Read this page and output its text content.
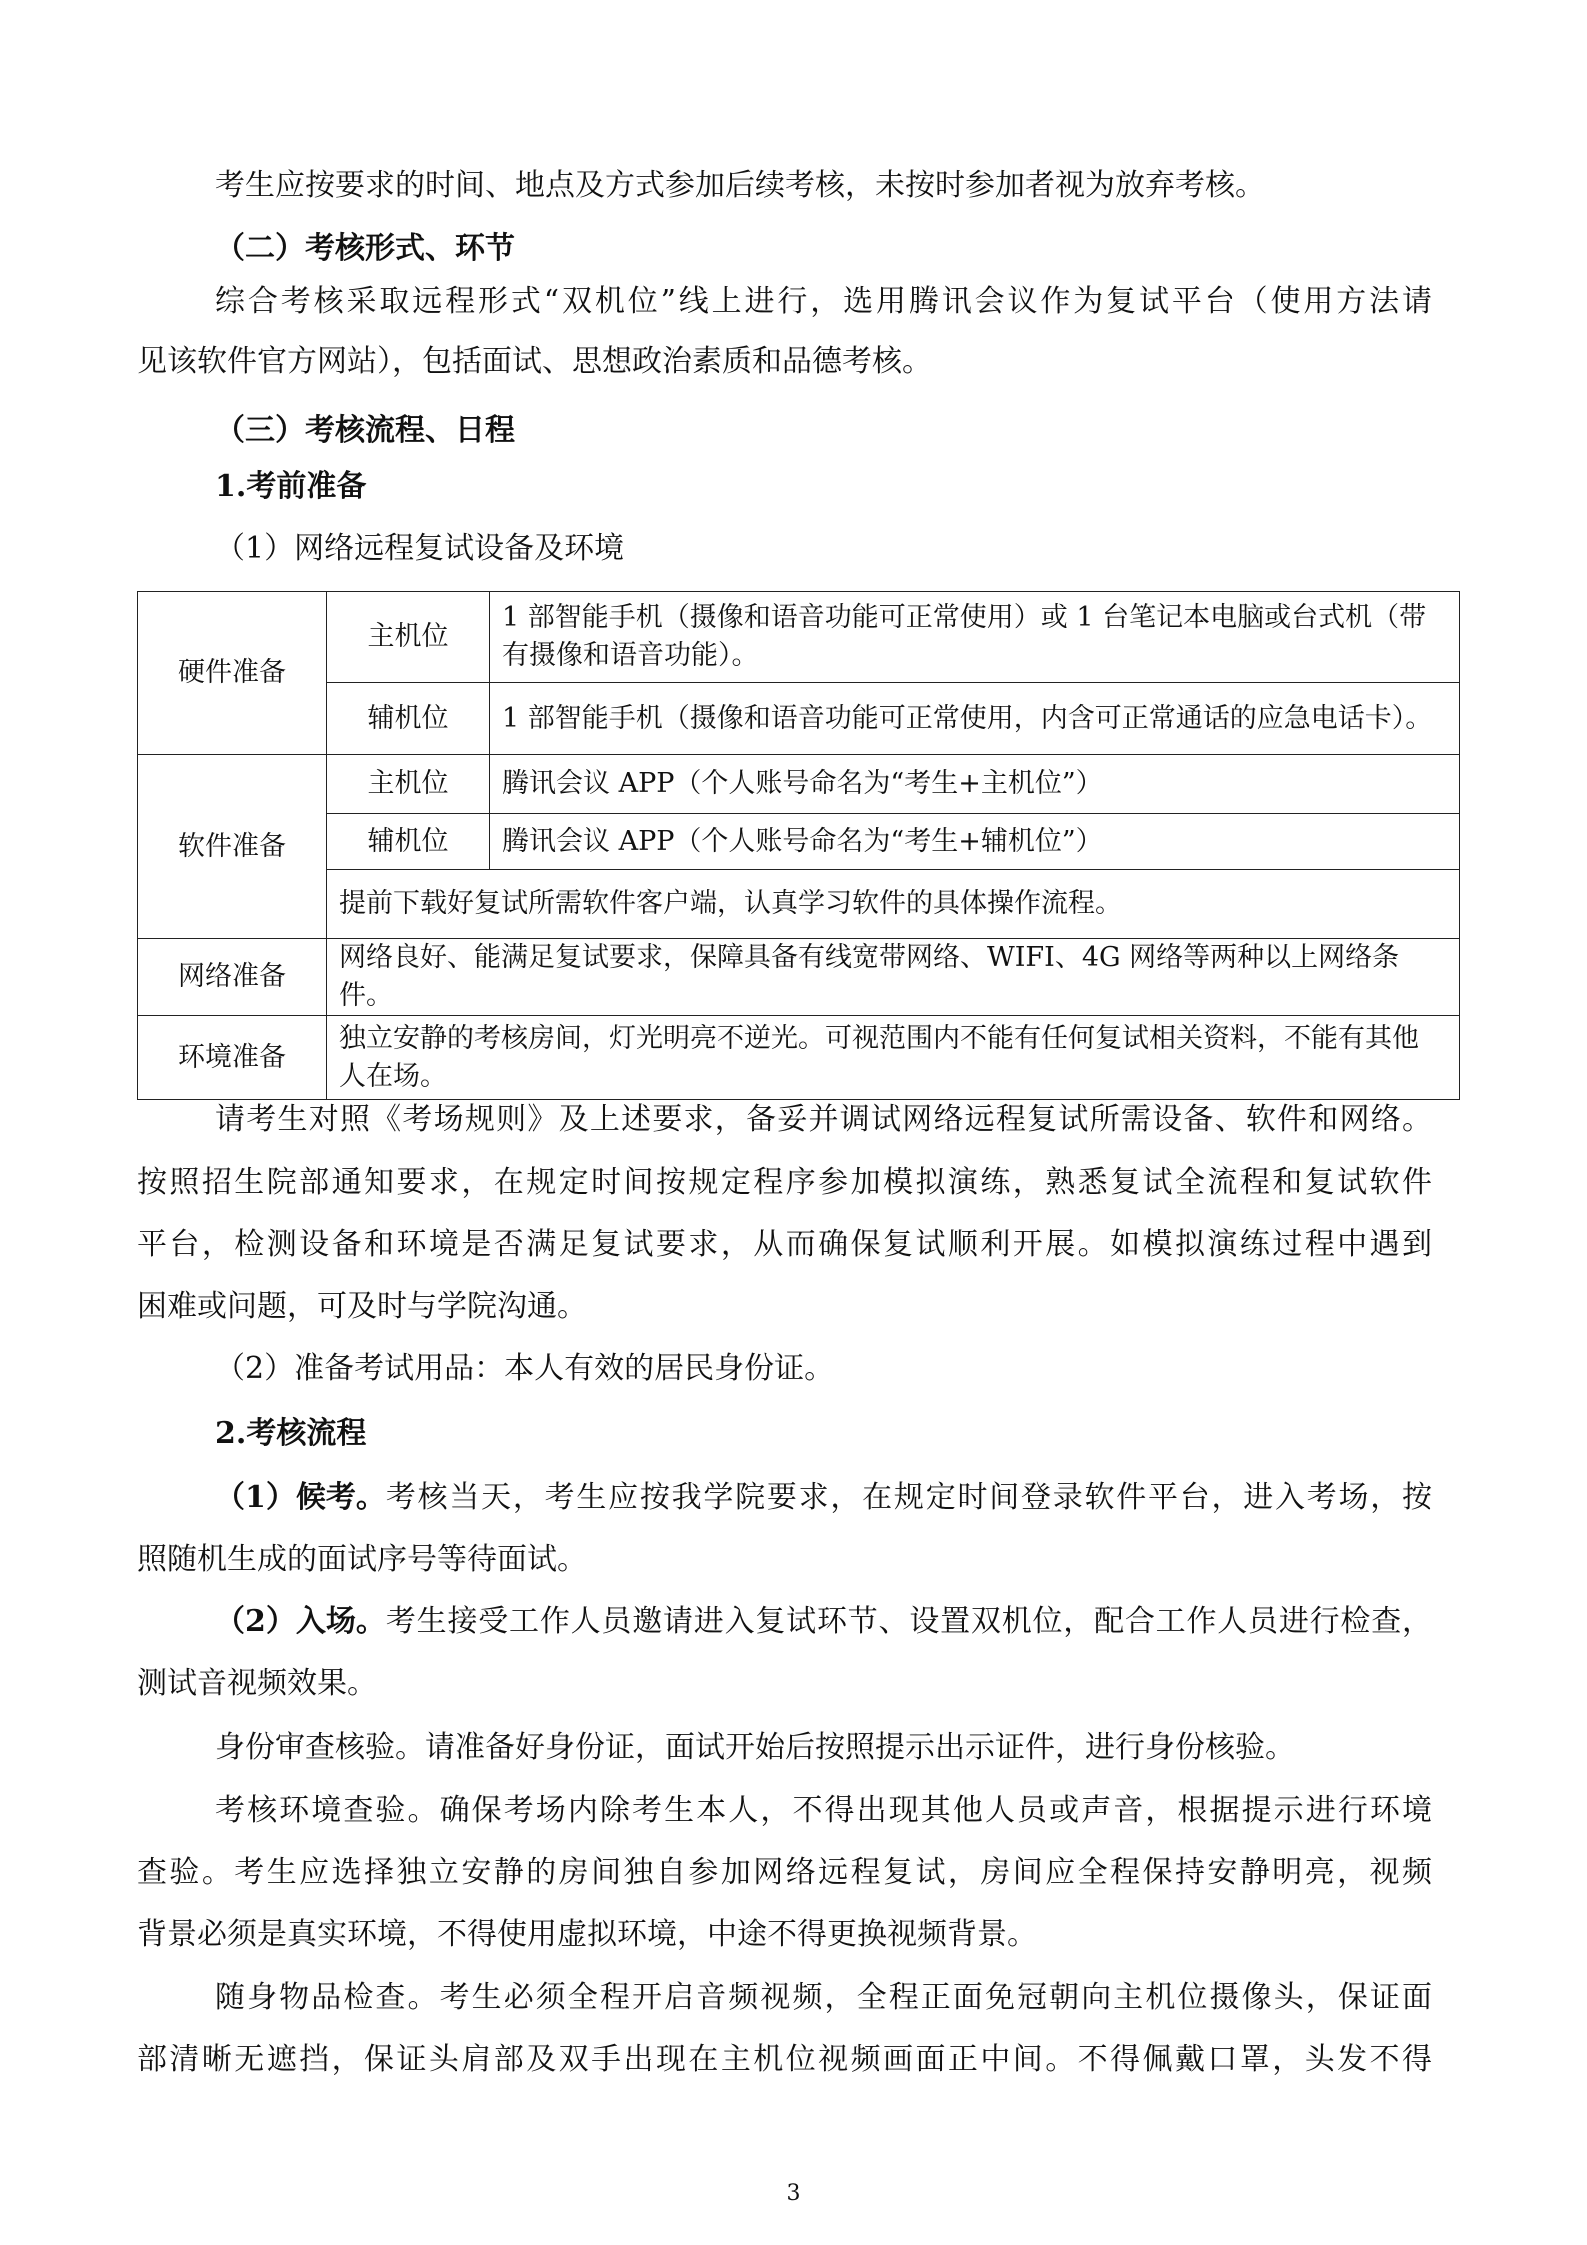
考生应按要求的时间、地点及方式参加后续考核，未按时参加者视为放弃考核。
（二）考核形式、环节
综合考核采取远程形式“双机位”线上进行，选用腾讯会议作为复试平台（使用方法请
见该软件官方网站），包括面试、思想政治素质和品德考核。
（三）考核流程、日程
1.考前准备
（1）网络远程复试设备及环境
硬件准备	主机位	1 部智能手机（摄像和语音功能可正常使用）或 1 台笔记本电脑或台式机（带
有摄像和语音功能）。

	辅机位	1 部智能手机（摄像和语音功能可正常使用，内含可正常通话的应急电话卡）。
软件准备	主机位	腾讯会议 APP（个人账号命名为“考生+主机位”）
	辅机位	腾讯会议 APP（个人账号命名为“考生+辅机位”）
	提前下载好复试所需软件客户端，认真学习软件的具体操作流程。	
网络准备	网络良好、能满足复试要求，保障具备有线宽带网络、WIFI、4G 网络等两种以上网络条件。	
环境准备	独立安静的考核房间，灯光明亮不逆光。可视范围内不能有任何复试相关资料，不能有其他
人在场。	
请考生对照《考场规则》及上述要求，备妥并调试网络远程复试所需设备、软件和网络。
按照招生院部通知要求，在规定时间按规定程序参加模拟演练，熟悉复试全流程和复试软件
平台，检测设备和环境是否满足复试要求，从而确保复试顺利开展。如模拟演练过程中遇到
困难或问题，可及时与学院沟通。
（2）准备考试用品：本人有效的居民身份证。
2.考核流程
（1）候考。 考核当天，考生应按我学院要求，在规定时间登录软件平台，进入考场，按
照随机生成的面试序号等待面试。
（2）入场。 考生接受工作人员邀请进入复试环节、设置双机位，配合工作人员进行检查，
测试音视频效果。
身份审查核验。请准备好身份证，面试开始后按照提示出示证件，进行身份核验。
考核环境查验。确保考场内除考生本人，不得出现其他人员或声音，根据提示进行环境
查验。考生应选择独立安静的房间独自参加网络远程复试，房间应全程保持安静明亮，视频
背景必须是真实环境，不得使用虚拟环境，中途不得更换视频背景。
随身物品检查。考生必须全程开启音频视频，全程正面免冠朝向主机位摄像头，保证面
部清晰无遮挡，保证头肩部及双手出现在主机位视频画面正中间。不得佩戴口罩，头发不得
3
